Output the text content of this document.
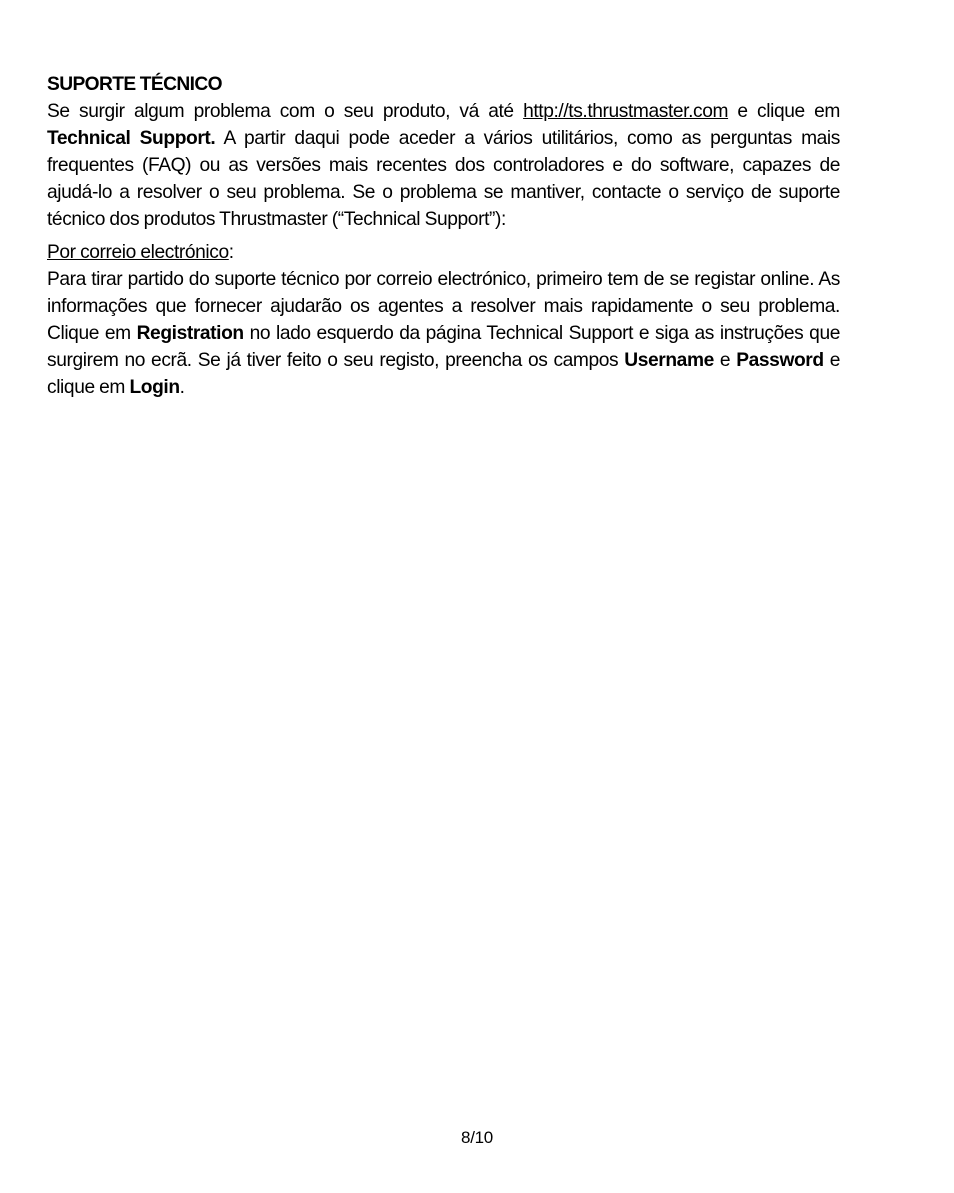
SUPORTE TÉCNICO

Se surgir algum problema com o seu produto, vá até http://ts.thrustmaster.com e clique em Technical Support. A partir daqui pode aceder a vários utilitários, como as perguntas mais frequentes (FAQ) ou as versões mais recentes dos controladores e do software, capazes de ajudá-lo a resolver o seu problema. Se o problema se mantiver, contacte o serviço de suporte técnico dos produtos Thrustmaster (“Technical Support”):

Por correio electrónico:

Para tirar partido do suporte técnico por correio electrónico, primeiro tem de se registar online. As informações que fornecer ajudarão os agentes a resolver mais rapidamente o seu problema. Clique em Registration no lado esquerdo da página Technical Support e siga as instruções que surgirem no ecrã. Se já tiver feito o seu registo, preencha os campos Username e Password e clique em Login.

8/10
